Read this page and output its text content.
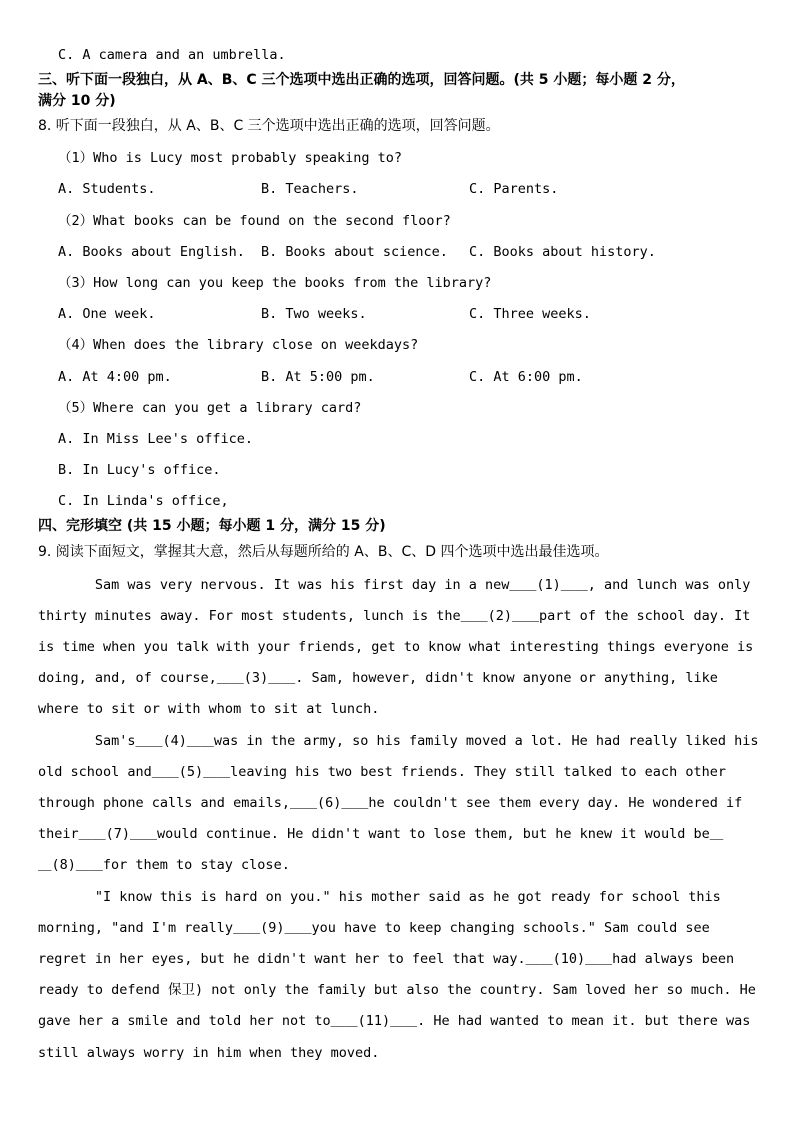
C. A camera and an umbrella.
三、听下面一段独白，从 A、B、C 三个选项中选出正确的选项，回答问题。(共 5 小题；每小题 2 分，
满分 10 分)
8. 听下面一段独白，从 A、B、C 三个选项中选出正确的选项，回答问题。
（1）Who is Lucy most probably speaking to?
A. Students.	B. Teachers.	C. Parents.
（2）What books can be found on the second floor?
A. Books about English. B. Books about science. C. Books about history.
（3）How long can you keep the books from the library?
A. One week.	B. Two weeks.	C. Three weeks.
（4）When does the library close on weekdays?
A. At 4:00 pm.	B. At 5:00 pm.	C. At 6:00 pm.
（5）Where can you get a library card?
A. In Miss Lee's office.
B. In Lucy's office.
C. In Linda's office,
四、完形填空 (共 15 小题；每小题 1 分，满分 15 分)
9. 阅读下面短文，掌握其大意，然后从每题所给的 A、B、C、D 四个选项中选出最佳选项。
Sam was very nervous. It was his first day in a new＿＿(1)＿＿, and lunch was only
thirty minutes away. For most students, lunch is the＿＿(2)＿＿part of the school day. It
is time when you talk with your friends, get to know what interesting things everyone is
doing, and, of course,＿＿(3)＿＿. Sam, however, didn't know anyone or anything, like
where to sit or with whom to sit at lunch.
Sam's＿＿(4)＿＿was in the army, so his family moved a lot. He had really liked his
old school and＿＿(5)＿＿leaving his two best friends. They still talked to each other
through phone calls and emails,＿＿(6)＿＿he couldn't see them every day. He wondered if
their＿＿(7)＿＿would continue. He didn't want to lose them, but he knew it would be＿
＿(8)＿＿for them to stay close.
"I know this is hard on you." his mother said as he got ready for school this
morning, "and I'm really＿＿(9)＿＿you have to keep changing schools." Sam could see
regret in her eyes, but he didn't want her to feel that way.＿＿(10)＿＿had always been
ready to defend 保卫) not only the family but also the country. Sam loved her so much. He
gave her a smile and told her not to＿＿(11)＿＿. He had wanted to mean it. but there was
still always worry in him when they moved.
